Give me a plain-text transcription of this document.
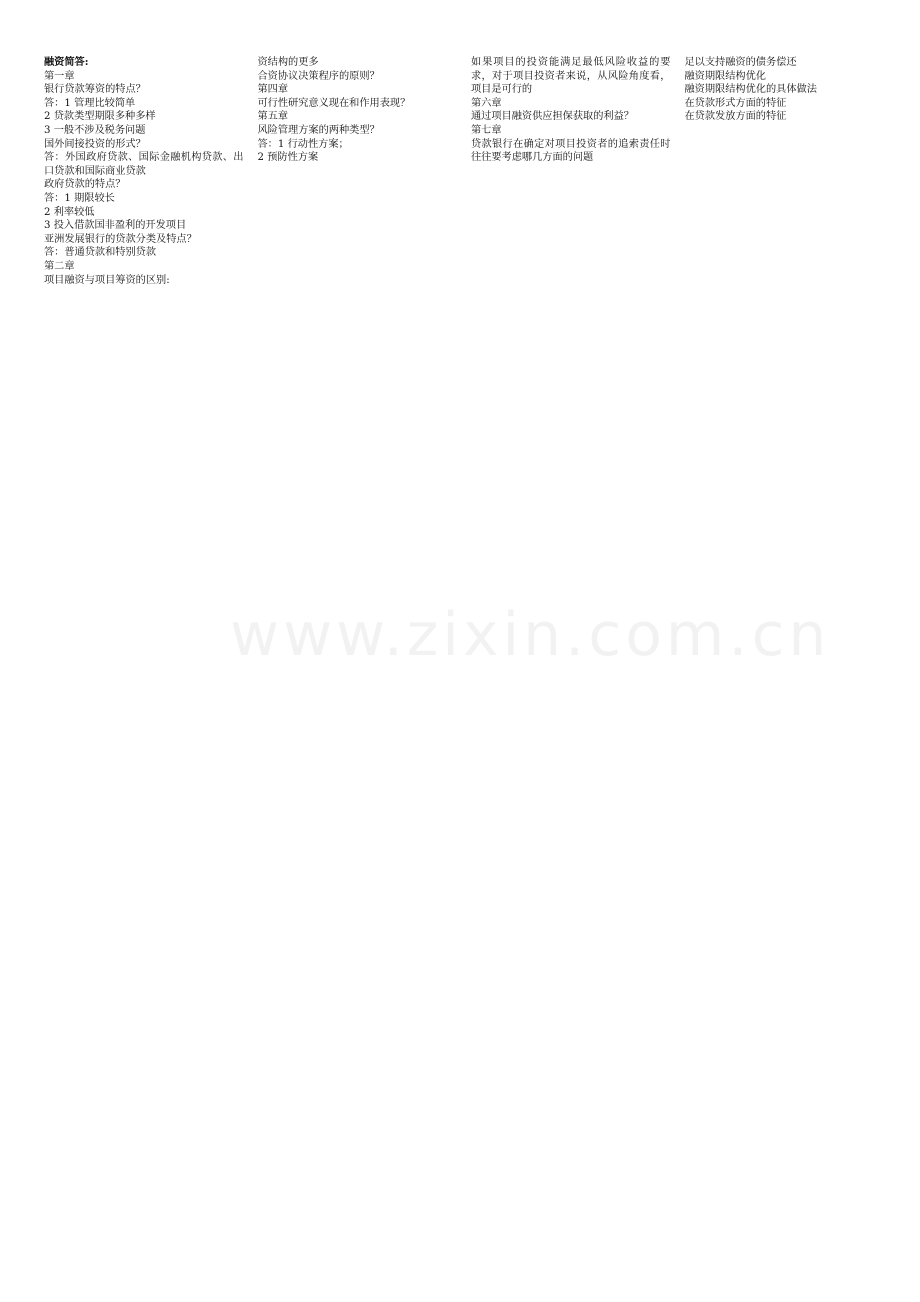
融资简答:

第一章

银行贷款筹资的特点？

答：1 管理比较简单

2 贷款类型期限多种多样

3 一般不涉及税务问题

国外间接投资的形式？

答：外国政府贷款、国际金融机构贷款、出口贷款和国际商业贷款

政府贷款的特点？

答：1 期限较长

2 利率较低

3 投入借款国非盈利的开发项目

亚洲发展银行的贷款分类及特点？

答：普通贷款和特别贷款

第二章

项目融资与项目筹资的区别:

资结构的更多

合资协议决策程序的原则？

第四章

可行性研究意义现在和作用表现？

第五章

风险管理方案的两种类型？

答：1 行动性方案；

2 预防性方案

如果项目的投资能满足最低风险收益的要求，对于项目投资者来说，从风险角度看，项目是可行的

第六章

通过项目融资供应担保获取的利益？

第七章

贷款银行在确定对项目投资者的追索责任时往往要考虑哪几方面的问题

足以支持融资的债务偿还

融资期限结构优化

融资期限结构优化的具体做法

在贷款形式方面的特征

在贷款发放方面的特征

www.zixin.com.cn
